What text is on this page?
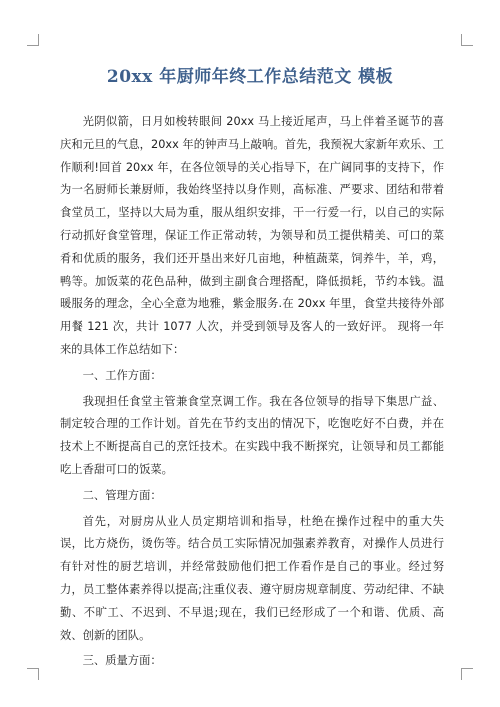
20xx 年厨师年终工作总结范文 模板

光阴似箭，日月如梭转眼间 20xx 马上接近尾声，马上伴着圣诞节的喜庆和元旦的气息，20xx 年的钟声马上敲响。首先，我预祝大家新年欢乐、工作顺利!回首 20xx 年，在各位领导的关心指导下，在广阔同事的支持下，作为一名厨师长兼厨师，我始终坚持以身作则，高标准、严要求、团结和带着食堂员工，坚持以大局为重，服从组织安排，干一行爱一行，以自己的实际行动抓好食堂管理，保证工作正常动转，为领导和员工提供精美、可口的菜肴和优质的服务，我们还开垦出来好几亩地，种植蔬菜，饲养牛，羊，鸡，鸭等。加饭菜的花色品种，做到主副食合理搭配，降低损耗，节约本钱。温暖服务的理念，全心全意为地雅，紫金服务.在 20xx 年里，食堂共接待外部用餐 121 次，共计 1077 人次，并受到领导及客人的一致好评。 现将一年来的具体工作总结如下：

一、工作方面：

我现担任食堂主管兼食堂烹调工作。我在各位领导的指导下集思广益、制定较合理的工作计划。首先在节约支出的情况下，吃饱吃好不白费，并在技术上不断提高自己的烹饪技术。在实践中我不断探究，让领导和员工都能吃上香甜可口的饭菜。

二、管理方面：

首先，对厨房从业人员定期培训和指导，杜绝在操作过程中的重大失误，比方烧伤，烫伤等。结合员工实际情况加强素养教育，对操作人员进行有针对性的厨艺培训，并经常鼓励他们把工作看作是自己的事业。经过努力，员工整体素养得以提高;注重仪表、遵守厨房规章制度、劳动纪律、不缺勤、不旷工、不迟到、不早退;现在，我们已经形成了一个和谐、优质、高效、创新的团队。

三、质量方面：
